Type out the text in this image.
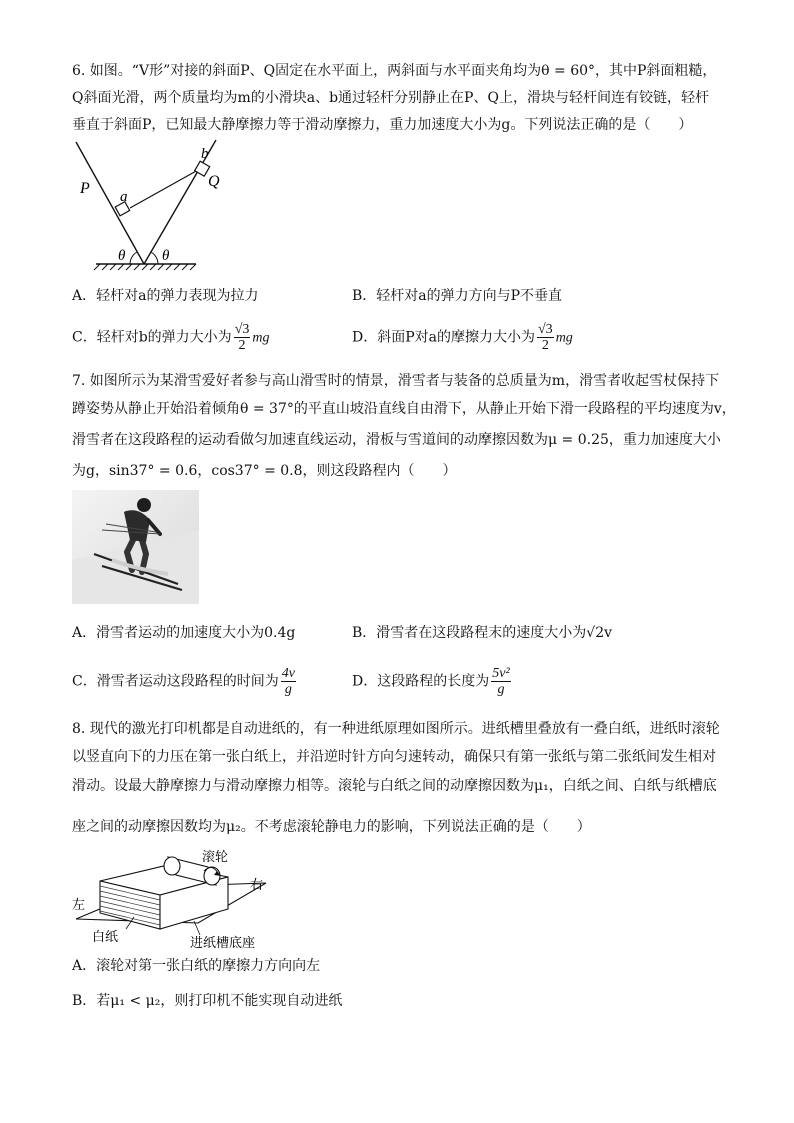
6. 如图。“V形”对接的斜面P、Q固定在水平面上，两斜面与水平面夹角均为θ = 60°，其中P斜面粗糙，
Q斜面光滑，两个质量均为m的小滑块a、b通过轻杆分别静止在P、Q上，滑块与轻杆间连有铰链，轻杆
垂直于斜面P，已知最大静摩擦力等于滑动摩擦力，重力加速度大小为g。下列说法正确的是（　　）
P a
b
Q
θ θ
A．轻杆对a的弹力表现为拉力	B．轻杆对a的弹力方向与P不垂直
C．轻杆对b的弹力大小为 $\frac{√3}{2}$ mg	D．斜面P对a的摩擦力大小为 $\frac{√3}{2}$ mg
7. 如图所示为某滑雪爱好者参与高山滑雪时的情景，滑雪者与装备的总质量为m，滑雪者收起雪杖保持下
蹲姿势从静止开始沿着倾角θ = 37°的平直山坡沿直线自由滑下，从静止开始下滑一段路程的平均速度为v，
滑雪者在这段路程的运动看做匀加速直线运动，滑板与雪道间的动摩擦因数为μ = 0.25，重力加速度大小
为g，sin37° = 0.6，cos37° = 0.8，则这段路程内（　　）
A．滑雪者运动的加速度大小为0.4g	B．滑雪者在这段路程末的速度大小为√2v
C．滑雪者运动这段路程的时间为 $\frac{4v}{g}$	D．这段路程的长度为 $\frac{\text{5v²}}{g}$
8. 现代的激光打印机都是自动进纸的，有一种进纸原理如图所示。进纸槽里叠放有一叠白纸，进纸时滚轮
以竖直向下的力压在第一张白纸上，并沿逆时针方向匀速转动，确保只有第一张纸与第二张纸间发生相对
滑动。设最大静摩擦力与滑动摩擦力相等。滚轮与白纸之间的动摩擦因数为μ₁，白纸之间、白纸与纸槽底
座之间的动摩擦因数均为μ₂。不考虑滚轮静电力的影响，下列说法正确的是（　　）
滚轮
右
左
白纸	进纸槽底座
A．滚轮对第一张白纸的摩擦力方向向左
B．若μ₁ < μ₂，则打印机不能实现自动进纸
